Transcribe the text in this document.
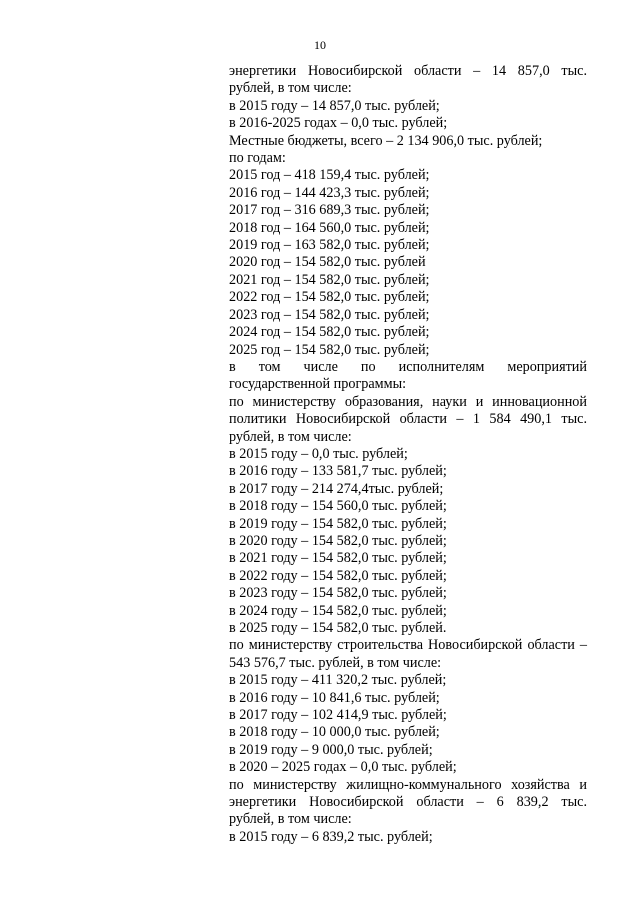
10
энергетики Новосибирской области – 14 857,0 тыс.
рублей, в том числе:
в 2015 году – 14 857,0 тыс. рублей;
в 2016-2025 годах – 0,0 тыс. рублей;
Местные бюджеты, всего – 2 134 906,0 тыс. рублей;
по годам:
2015 год – 418 159,4 тыс. рублей;
2016 год – 144 423,3 тыс. рублей;
2017 год – 316 689,3 тыс. рублей;
2018 год – 164 560,0 тыс. рублей;
2019 год – 163 582,0 тыс. рублей;
2020 год – 154 582,0 тыс. рублей
2021 год – 154 582,0 тыс. рублей;
2022 год – 154 582,0 тыс. рублей;
2023 год – 154 582,0 тыс. рублей;
2024 год – 154 582,0 тыс. рублей;
2025 год – 154 582,0 тыс. рублей;
в том числе по исполнителям мероприятий
государственной программы:
по министерству образования, науки и инновационной
политики Новосибирской области – 1 584 490,1 тыс.
рублей, в том числе:
в 2015 году – 0,0 тыс. рублей;
в 2016 году – 133 581,7 тыс. рублей;
в 2017 году – 214 274,4тыс. рублей;
в 2018 году – 154 560,0 тыс. рублей;
в 2019 году – 154 582,0 тыс. рублей;
в 2020 году – 154 582,0 тыс. рублей;
в 2021 году – 154 582,0 тыс. рублей;
в 2022 году – 154 582,0 тыс. рублей;
в 2023 году – 154 582,0 тыс. рублей;
в 2024 году – 154 582,0 тыс. рублей;
в 2025 году – 154 582,0 тыс. рублей.
по министерству строительства Новосибирской области –
543 576,7 тыс. рублей, в том числе:
в 2015 году – 411 320,2 тыс. рублей;
в 2016 году – 10 841,6 тыс. рублей;
в 2017 году – 102 414,9 тыс. рублей;
в 2018 году – 10 000,0 тыс. рублей;
в 2019 году – 9 000,0 тыс. рублей;
в 2020 – 2025 годах – 0,0 тыс. рублей;
по министерству жилищно-коммунального хозяйства и
энергетики Новосибирской области – 6 839,2 тыс.
рублей, в том числе:
в 2015 году – 6 839,2 тыс. рублей;
